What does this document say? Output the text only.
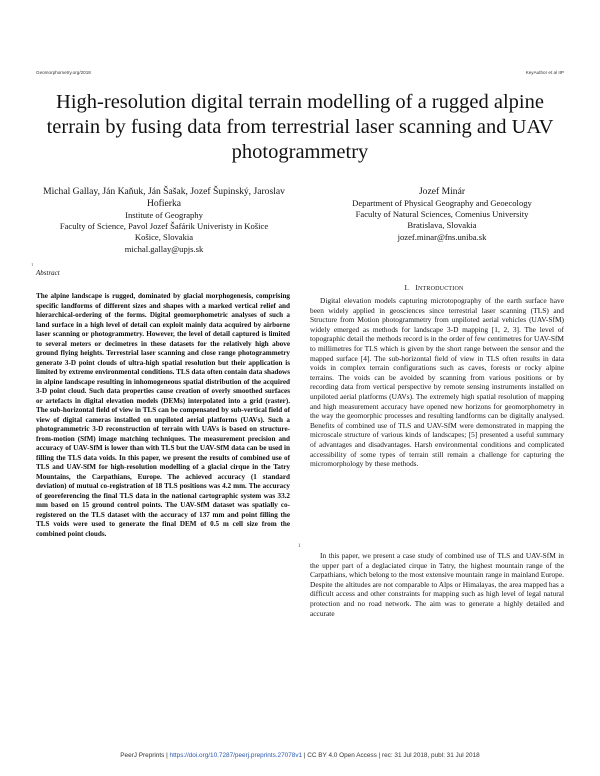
Geomorphometry.org/2018	KeyAuthor et al IIP
High-resolution digital terrain modelling of a rugged alpine terrain by fusing data from terrestrial laser scanning and UAV photogrammetry
Michal Gallay, Ján Kaňuk, Ján Šašak, Jozef Šupinský, Jaroslav Hofierka
Institute of Geography
Faculty of Science, Pavol Jozef Šafárik Univeristy in Košice
Košice, Slovakia
michal.gallay@upjs.sk
Jozef Minár
Department of Physical Geography and Geoecology
Faculty of Natural Sciences, Comenius University
Bratislava, Slovakia
jozef.minar@fns.uniba.sk
1
Abstract
The alpine landscape is rugged, dominated by glacial morphogenesis, comprising specific landforms of different sizes and shapes with a marked vertical relief and hierarchical-ordering of the forms. Digital geomorphometric analyses of such a land surface in a high level of detail can exploit mainly data acquired by airborne laser scanning or photogrammetry. However, the level of detail captured is limited to several meters or decimetres in these datasets for the relatively high above ground flying heights. Terrestrial laser scanning and close range photogrammetry generate 3-D point clouds of ultra-high spatial resolution but their application is limited by extreme environmental conditions. TLS data often contain data shadows in alpine landscape resulting in inhomogeneous spatial distribution of the acquired 3-D point cloud. Such data properties cause creation of overly smoothed surfaces or artefacts in digital elevation models (DEMs) interpolated into a grid (raster). The sub-horizontal field of view in TLS can be compensated by sub-vertical field of view of digital cameras installed on unpiloted aerial platforms (UAVs). Such a photogrammetric 3-D reconstruction of terrain with UAVs is based on structure-from-motion (SfM) image matching techniques. The measurement precision and accuracy of UAV-SfM is lower than with TLS but the UAV-SfM data can be used in filling the TLS data voids. In this paper, we present the results of combined use of TLS and UAV-SfM for high-resolution modelling of a glacial cirque in the Tatry Mountains, the Carpathians, Europe. The achieved accuracy (1 standard deviation) of mutual co-registration of 18 TLS positions was 4.2 mm. The accuracy of georeferencing the final TLS data in the national cartographic system was 33.2 mm based on 15 ground control points. The UAV-SfM dataset was spatially co-registered on the TLS dataset with the accuracy of 137 mm and point filling the TLS voids were used to generate the final DEM of 0.5 m cell size from the combined point clouds.
I. INTRODUCTION

Digital elevation models capturing microtopography of the earth surface have been widely applied in geosciences since terrestrial laser scanning (TLS) and Structure from Motion photogrammetry from unpiloted aerial vehicles (UAV-SfM) widely emerged as methods for landscape 3-D mapping [1, 2, 3]. The level of topographic detail the methods record is in the order of few centimetres for UAV-SfM to millimetres for TLS which is given by the short range between the sensor and the mapped surface [4]. The sub-horizontal field of view in TLS often results in data voids in complex terrain configurations such as caves, forests or rocky alpine terrains. The voids can be avoided by scanning from various positions or by recording data from vertical perspective by remote sensing instruments installed on unpiloted aerial platforms (UAVs). The extremely high spatial resolution of mapping and high measurement accuracy have opened new horizons for geomorphometry in the way the geomorphic processes and resulting landforms can be digitally analysed. Benefits of combined use of TLS and UAV-SfM were demonstrated in mapping the microscale structure of various kinds of landscapes; [5] presented a useful summary of advantages and disadvantages. Harsh environmental conditions and complicated accessibility of some types of terrain still remain a challenge for capturing the micromorphology by these methods.

In this paper, we present a case study of combined use of TLS and UAV-SfM in the upper part of a deglaciated cirque in Tatry, the highest mountain range of the Carpathians, which belong to the most extensive mountain range in mainland Europe. Despite the altitudes are not comparable to Alps or Himalayas, the area mapped has a difficult access and other constraints for mapping such as high level of legal natural protection and no road network. The aim was to generate a highly detailed and accurate

1
PeerJ Preprints | https://doi.org/10.7287/peerj.preprints.27078v1 | CC BY 4.0 Open Access | rec: 31 Jul 2018, publ: 31 Jul 2018
